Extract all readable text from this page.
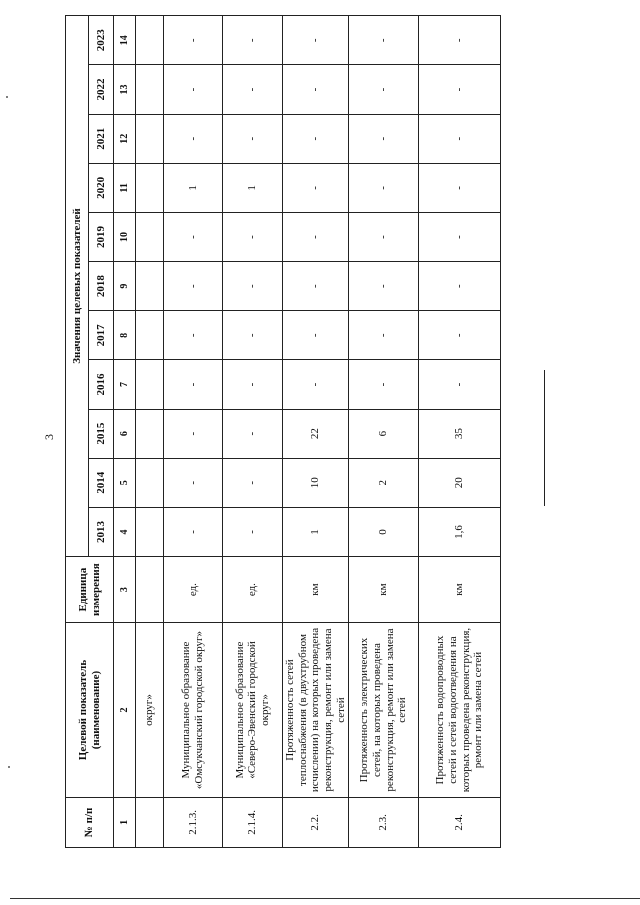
3
№ п/п	Целевой показатель (наименование)	Единица измерения	Значения целевых показателей										
			2013	2014	2015	2016	2017	2018	2019	2020	2021	2022	2023
1	2	3	4	5	6	7	8	9	10	11	12	13	14
	округ»												
2.1.3.	Муниципальное образование «Омсукчанский городской округ»	ед.	-	-	-	-	-	-	-	1	-	-	-
2.1.4.	Муниципальное образование «Северо-Эвенский городской округ»	ед.	-	-	-	-	-	-	-	1	-	-	-
2.2.	Протяженность сетей теплоснабжения (в двухтрубном исчислении) на которых проведена реконструкция, ремонт или замена сетей	км	1	10	22	-	-	-	-	-	-	-	-
2.3.	Протяженность электрических сетей, на которых проведена реконструкция, ремонт или замена сетей	км	0	2	6	-	-	-	-	-	-	-	-
2.4.	Протяженность водопроводных сетей и сетей водоотведения на которых проведена реконструкция, ремонт или замена сетей	км	1,6	20	35	-	-	-	-	-	-	-	-
